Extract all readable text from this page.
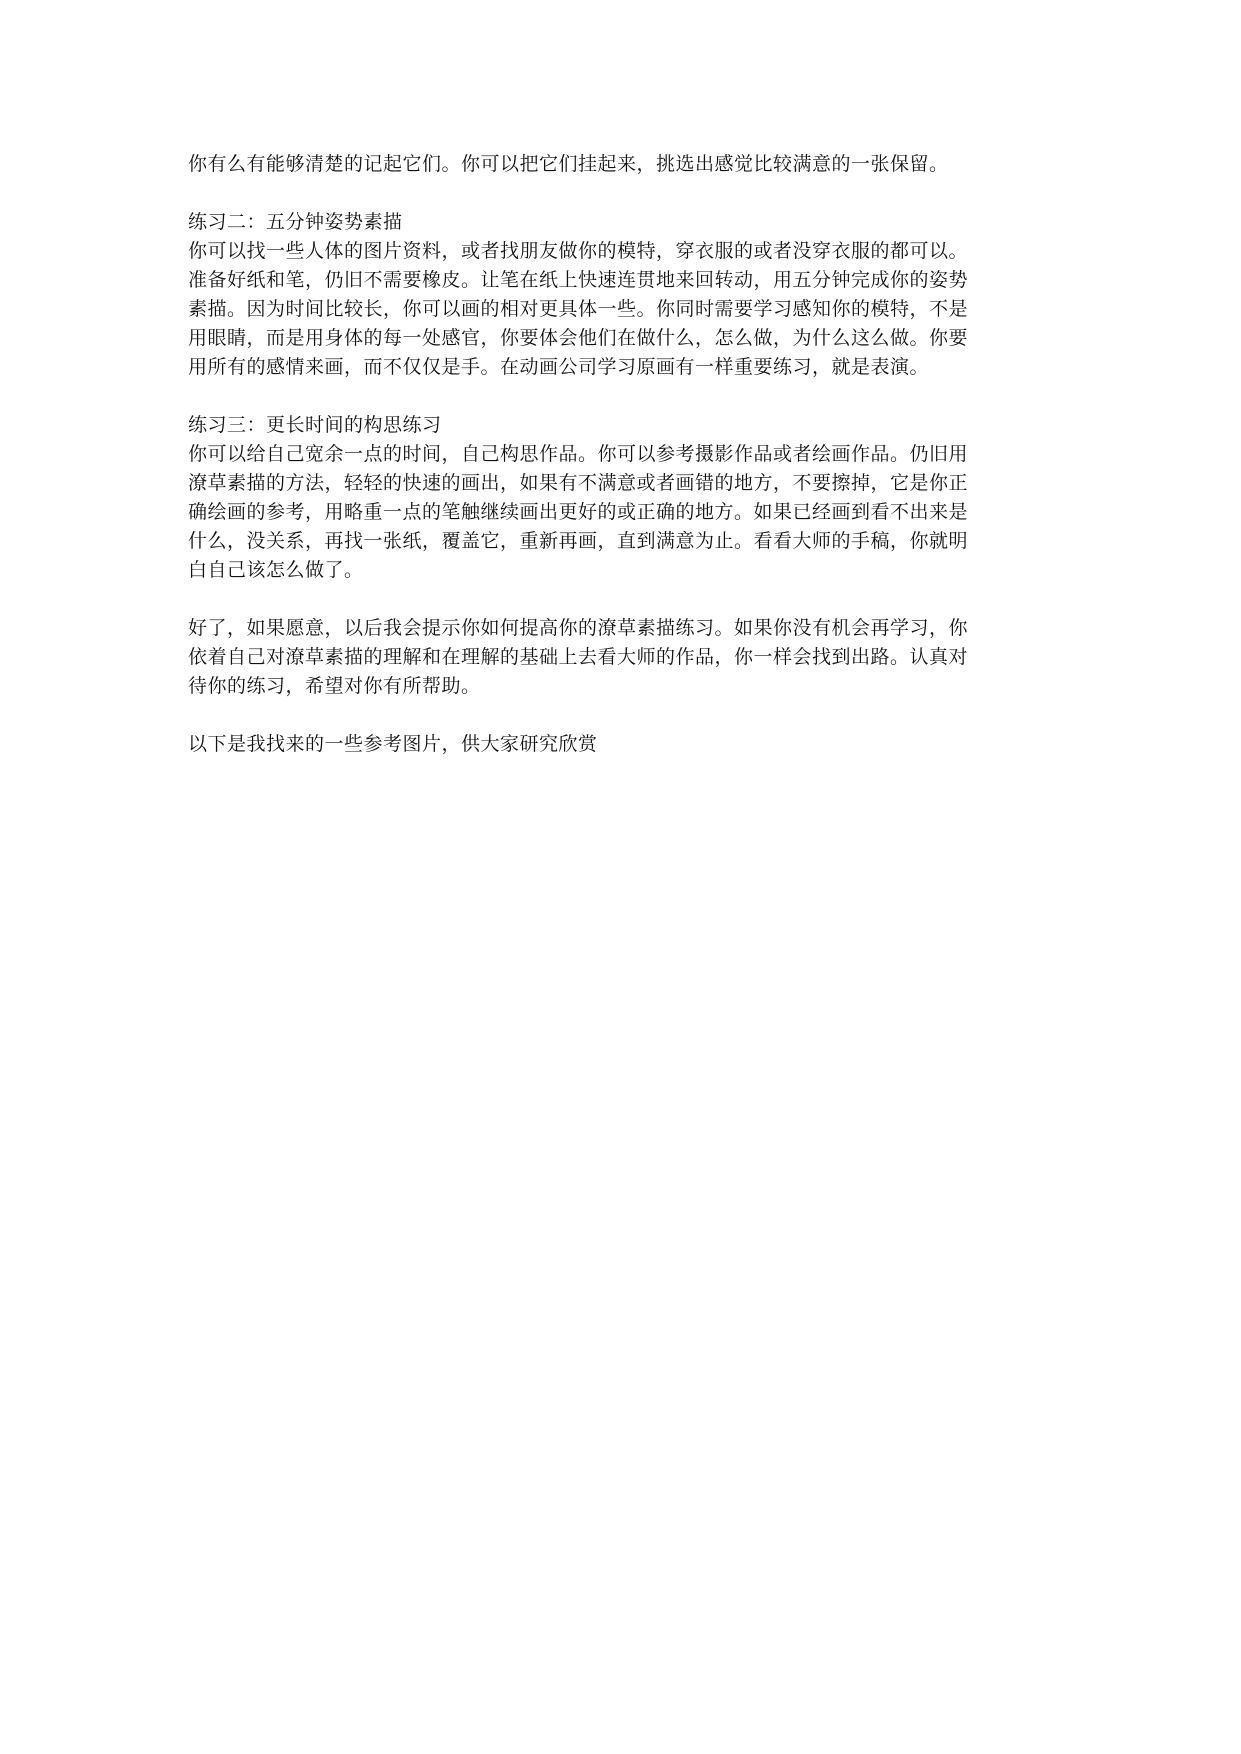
你有么有能够清楚的记起它们。你可以把它们挂起来，挑选出感觉比较满意的一张保留。
练习二：五分钟姿势素描
你可以找一些人体的图片资料，或者找朋友做你的模特，穿衣服的或者没穿衣服的都可以。
准备好纸和笔，仍旧不需要橡皮。让笔在纸上快速连贯地来回转动，用五分钟完成你的姿势
素描。因为时间比较长，你可以画的相对更具体一些。你同时需要学习感知你的模特，不是
用眼睛，而是用身体的每一处感官，你要体会他们在做什么，怎么做，为什么这么做。你要
用所有的感情来画，而不仅仅是手。在动画公司学习原画有一样重要练习，就是表演。
练习三：更长时间的构思练习
你可以给自己宽余一点的时间，自己构思作品。你可以参考摄影作品或者绘画作品。仍旧用
潦草素描的方法，轻轻的快速的画出，如果有不满意或者画错的地方，不要擦掉，它是你正
确绘画的参考，用略重一点的笔触继续画出更好的或正确的地方。如果已经画到看不出来是
什么，没关系，再找一张纸，覆盖它，重新再画，直到满意为止。看看大师的手稿，你就明
白自己该怎么做了。
好了，如果愿意，以后我会提示你如何提高你的潦草素描练习。如果你没有机会再学习，你
依着自己对潦草素描的理解和在理解的基础上去看大师的作品，你一样会找到出路。认真对
待你的练习，希望对你有所帮助。
以下是我找来的一些参考图片，供大家研究欣赏
